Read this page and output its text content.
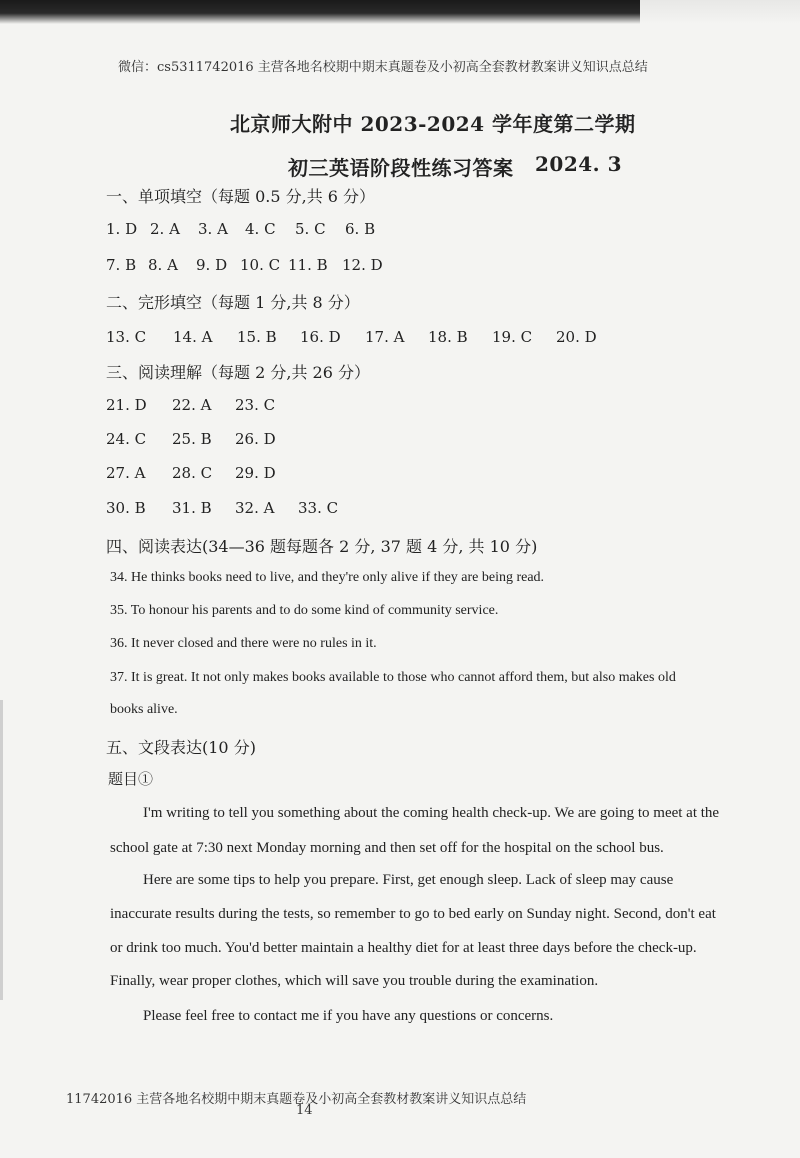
微信：cs5311742016 主营各地名校期中期末真题卷及小初高全套教材教案讲义知识点总结
北京师大附中 2023-2024 学年度第二学期
初三英语阶段性练习答案 2024. 3
一、单项填空（每题 0.5 分,共 6 分）
1. D 2. A 3. A 4. C 5. C 6. B
7. B 8. A 9. D 10. C 11. B 12. D
二、完形填空（每题 1 分,共 8 分）
13. C 14. A 15. B 16. D 17. A 18. B 19. C 20. D
三、阅读理解（每题 2 分,共 26 分）
21. D 22. A 23. C
24. C 25. B 26. D
27. A 28. C 29. D
30. B 31. B 32. A 33. C
四、阅读表达(34—36 题每题各 2 分, 37 题 4 分, 共 10 分)
34. He thinks books need to live, and they're only alive if they are being read.
35. To honour his parents and to do some kind of community service.
36. It never closed and there were no rules in it.
37. It is great. It not only makes books available to those who cannot afford them, but also makes old
books alive.
五、文段表达(10 分)
题目①
I'm writing to tell you something about the coming health check-up. We are going to meet at the
school gate at 7:30 next Monday morning and then set off for the hospital on the school bus.
Here are some tips to help you prepare. First, get enough sleep. Lack of sleep may cause
inaccurate results during the tests, so remember to go to bed early on Sunday night. Second, don't eat
or drink too much. You'd better maintain a healthy diet for at least three days before the check-up.
Finally, wear proper clothes, which will save you trouble during the examination.
Please feel free to contact me if you have any questions or concerns.
11742016 主营各地名校期中期末真题卷及小初高全套教材教案讲义知识点总结
14
